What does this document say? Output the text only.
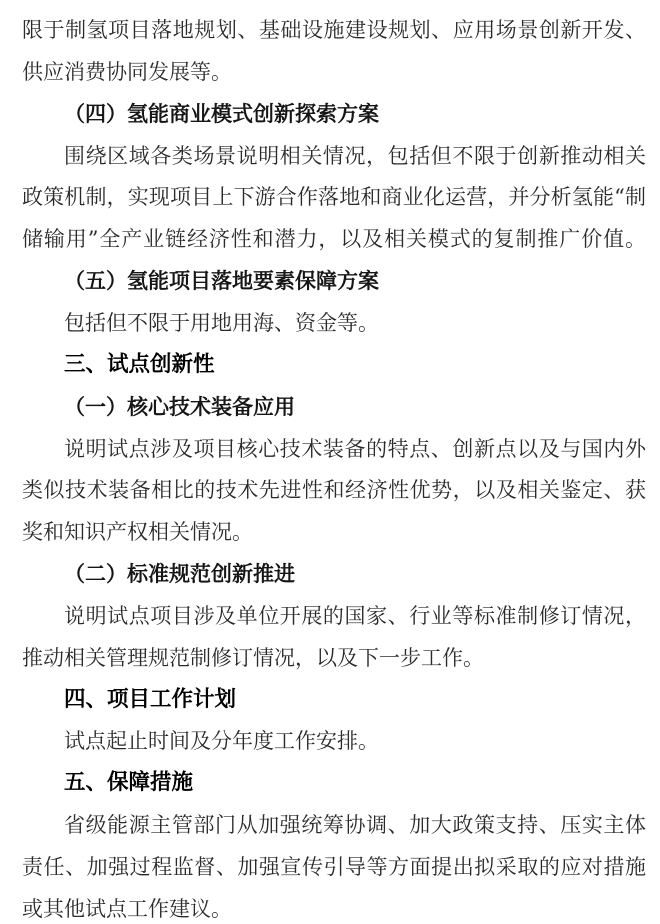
限于制氢项目落地规划、基础设施建设规划、应用场景创新开发、
供应消费协同发展等。
（四）氢能商业模式创新探索方案
围绕区域各类场景说明相关情况，包括但不限于创新推动相关
政策机制，实现项目上下游合作落地和商业化运营，并分析氢能“制
储输用”全产业链经济性和潜力，以及相关模式的复制推广价值。
（五）氢能项目落地要素保障方案
包括但不限于用地用海、资金等。
三、试点创新性
（一）核心技术装备应用
说明试点涉及项目核心技术装备的特点、创新点以及与国内外
类似技术装备相比的技术先进性和经济性优势，以及相关鉴定、获
奖和知识产权相关情况。
（二）标准规范创新推进
说明试点项目涉及单位开展的国家、行业等标准制修订情况，
推动相关管理规范制修订情况，以及下一步工作。
四、项目工作计划
试点起止时间及分年度工作安排。
五、保障措施
省级能源主管部门从加强统筹协调、加大政策支持、压实主体
责任、加强过程监督、加强宣传引导等方面提出拟采取的应对措施
或其他试点工作建议。
